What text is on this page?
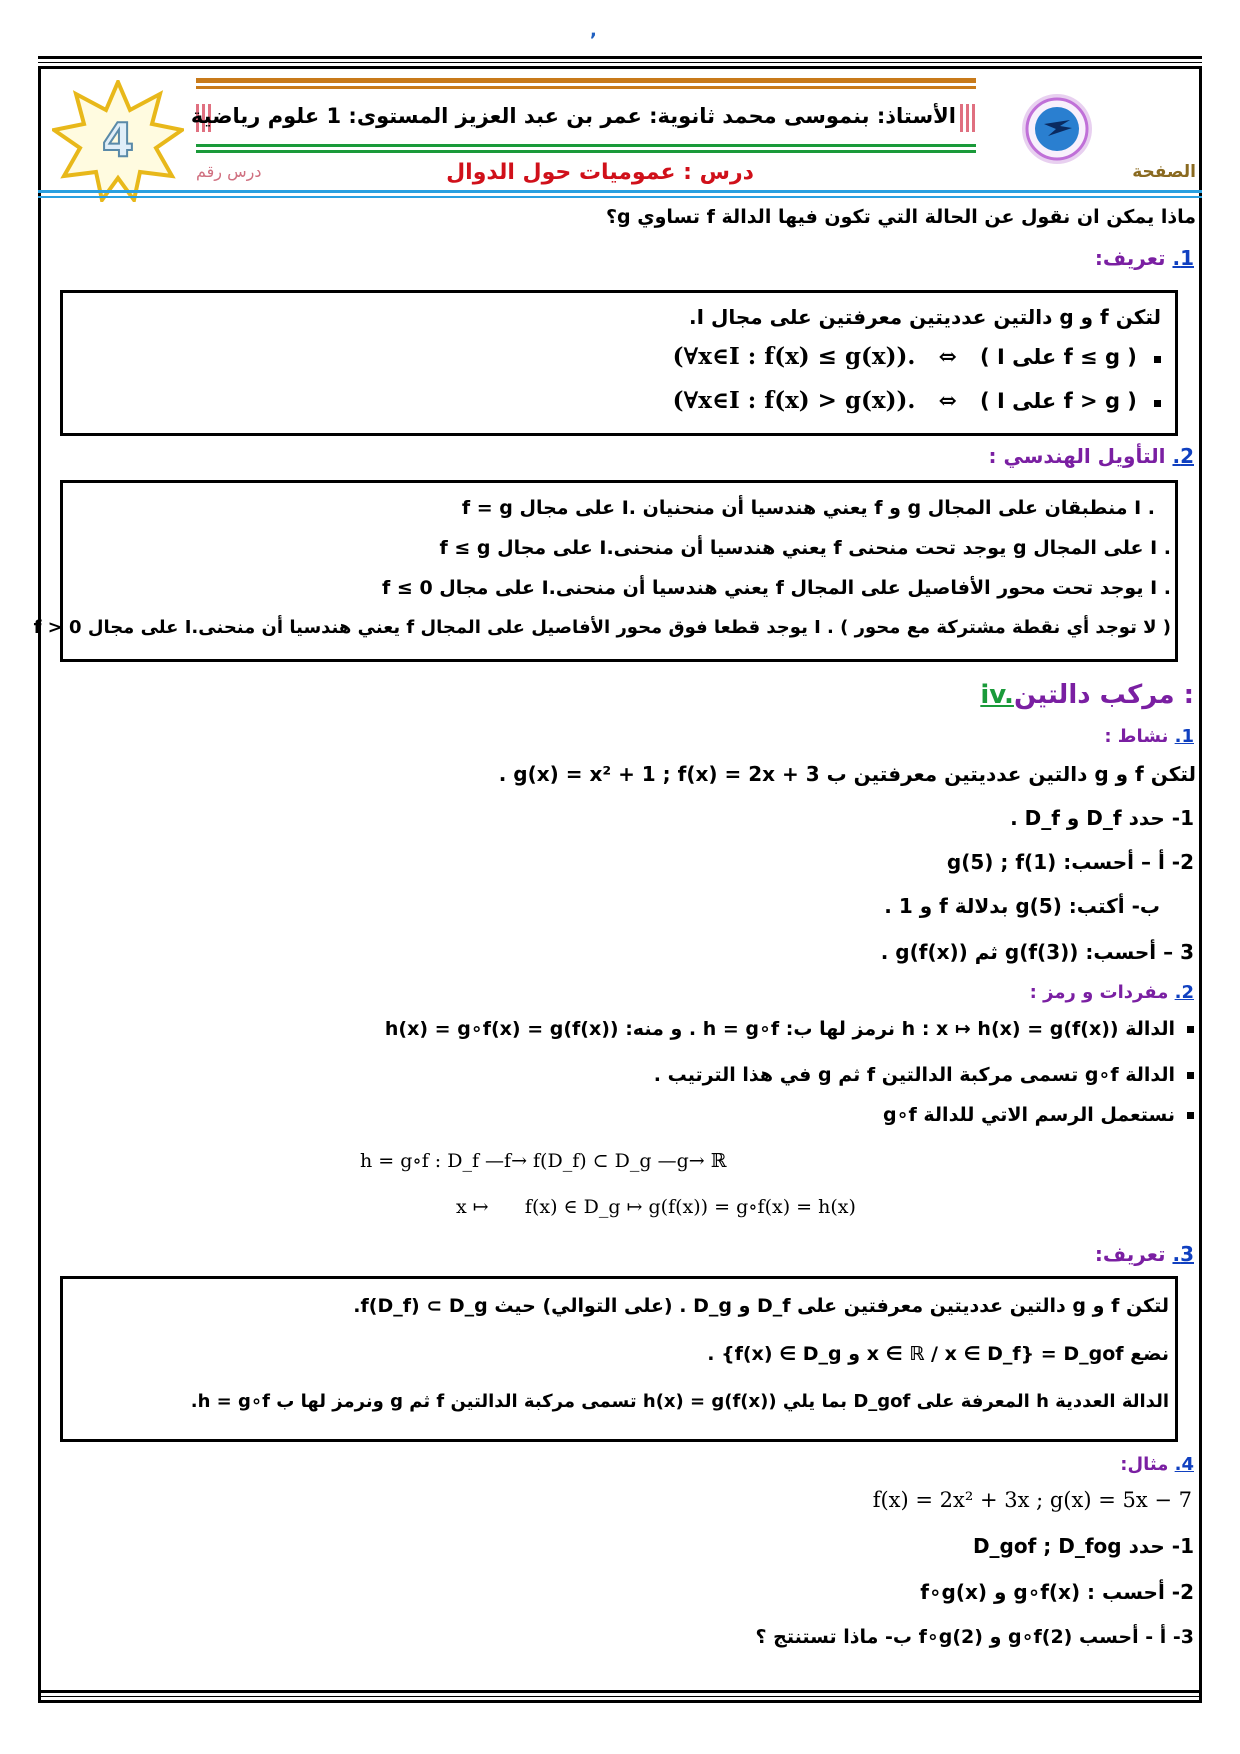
,
4	الأستاذ: بنموسى محمد ثانوية: عمر بن عبد العزيز المستوى: 1 علوم رياضية
درس : عموميات حول الدوال	الصفحة
درس رقم
ماذا يمكن ان نقول عن الحالة التي تكون فيها الدالة f تساوي g؟
1. تعريف:
لتكن f و g دالتين عدديتين معرفتين على مجال I.
( f ≤ g على I ) ⇔ (∀x∈I : f(x) ≤ g(x)).
( f > g على I ) ⇔ (∀x∈I : f(x) > g(x)).
2. التأويل الهندسي :
f = g على مجال I. يعني هندسيا أن منحنيان f و g منطبقان على المجال I .
f ≤ g على مجال I.يعني هندسيا أن منحنى f يوجد تحت منحنى g على المجال I .
f ≤ 0 على مجال I.يعني هندسيا أن منحنى f يوجد تحت محور الأفاصيل على المجال I .
f > 0 على مجال I.يعني هندسيا أن منحنى f يوجد قطعا فوق محور الأفاصيل على المجال I . ( لا توجد أي نقطة مشتركة مع محور )
iv.مركب دالتين :
1. نشاط :
لتكن f و g دالتين عدديتين معرفتين ب g(x) = x² + 1 ; f(x) = 2x + 3 .
1- حدد D_f و D_f .
2- أ – أحسب: g(5) ; f(1)
ب- أكتب: g(5) بدلالة f و 1 .
3 – أحسب: g(f(3)) ثم g(f(x)) .
2. مفردات و رمز :
الدالة h : x ↦ h(x) = g(f(x)) نرمز لها ب: h = g∘f . و منه: h(x) = g∘f(x) = g(f(x))
الدالة g∘f تسمى مركبة الدالتين f ثم g في هذا الترتيب .
نستعمل الرسم الاتي للدالة g∘f
h = g∘f : D_f —f→ f(D_f) ⊂ D_g —g→ ℝ
x ↦      f(x) ∈ D_g ↦ g(f(x)) = g∘f(x) = h(x)
3. تعريف:
لتكن f و g دالتين عدديتين معرفتين على D_f و D_g . (على التوالي) حيث f(D_f) ⊂ D_g.
نضع D_gof = {x ∈ ℝ / x ∈ D_f و f(x) ∈ D_g} .
الدالة العددية h المعرفة على D_gof بما يلي h(x) = g(f(x)) تسمى مركبة الدالتين f ثم g ونرمز لها ب h = g∘f.
4. مثال:
f(x) = 2x² + 3x ; g(x) = 5x − 7
1- حدد D_gof ; D_fog
2- أحسب : g∘f(x) و f∘g(x)
3- أ - أحسب g∘f(2) و f∘g(2) ب- ماذا تستنتج ؟
